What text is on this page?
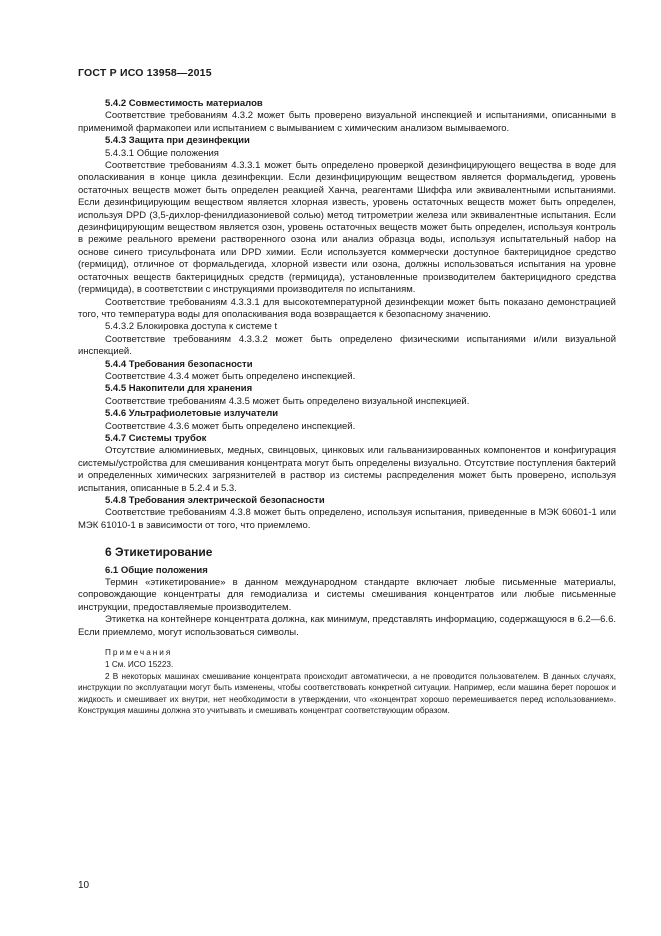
ГОСТ Р ИСО 13958—2015

5.4.2 Совместимость материалов

Соответствие требованиям 4.3.2 может быть проверено визуальной инспекцией и испытаниями, описанными в применимой фармакопеи или испытанием с вымыванием с химическим анализом вымываемого.

5.4.3 Защита при дезинфекции

5.4.3.1 Общие положения

Соответствие требованиям 4.3.3.1 может быть определено проверкой дезинфицирующего вещества в воде для ополаскивания в конце цикла дезинфекции. Если дезинфицирующим веществом является формальдегид, уровень остаточных веществ может быть определен реакцией Ханча, реагентами Шиффа или эквивалентными испытаниями. Если дезинфицирующим веществом является хлорная известь, уровень остаточных веществ может быть определен, используя DPD (3,5-дихлор-фенилдиазониевой солью) метод титрометрии железа или эквивалентные испытания. Если дезинфицирующим веществом является озон, уровень остаточных веществ может быть определен, используя контроль в режиме реального времени растворенного озона или анализ образца воды, используя испытательный набор на основе синего трисульфоната или DPD химии. Если используется коммерчески доступное бактерицидное средство (гермицид), отличное от формальдегида, хлорной извести или озона, должны использоваться испытания на уровне остаточных веществ бактерицидных средств (гермицида), установленные производителем бактерицидного средства (гермицида), в соответствии с инструкциями производителя по испытаниям.

Соответствие требованиям 4.3.3.1 для высокотемпературной дезинфекции может быть показано демонстрацией того, что температура воды для ополаскивания вода возвращается к безопасному значению.

5.4.3.2 Блокировка доступа к системе t

Соответствие требованиям 4.3.3.2 может быть определено физическими испытаниями и/или визуальной инспекцией.

5.4.4 Требования безопасности

Соответствие 4.3.4 может быть определено инспекцией.

5.4.5 Накопители для хранения

Соответствие требованиям 4.3.5 может быть определено визуальной инспекцией.

5.4.6 Ультрафиолетовые излучатели

Соответствие 4.3.6 может быть определено инспекцией.

5.4.7 Системы трубок

Отсутствие алюминиевых, медных, свинцовых, цинковых или гальванизированных компонентов и конфигурация системы/устройства для смешивания концентрата могут быть определены визуально. Отсутствие поступления бактерий и определенных химических загрязнителей в раствор из системы распределения может быть проверено, используя испытания, описанные в 5.2.4 и 5.3.

5.4.8 Требования электрической безопасности

Соответствие требованиям 4.3.8 может быть определено, используя испытания, приведенные в МЭК 60601-1 или МЭК 61010-1 в зависимости от того, что приемлемо.

6 Этикетирование

6.1 Общие положения

Термин «этикетирование» в данном международном стандарте включает любые письменные материалы, сопровождающие концентраты для гемодиализа и системы смешивания концентратов или любые письменные инструкции, предоставляемые производителем.

Этикетка на контейнере концентрата должна, как минимум, представлять информацию, содержащуюся в 6.2—6.6. Если приемлемо, могут использоваться символы.

Примечания

1 См. ИСО 15223.

2 В некоторых машинах смешивание концентрата происходит автоматически, а не проводится пользователем. В данных случаях, инструкции по эксплуатации могут быть изменены, чтобы соответствовать конкретной ситуации. Например, если машина берет порошок и жидкость и смешивает их внутри, нет необходимости в утверждении, что «концентрат хорошо перемешивается перед использованием». Конструкция машины должна это учитывать и смешивать концентрат соответствующим образом.

10
